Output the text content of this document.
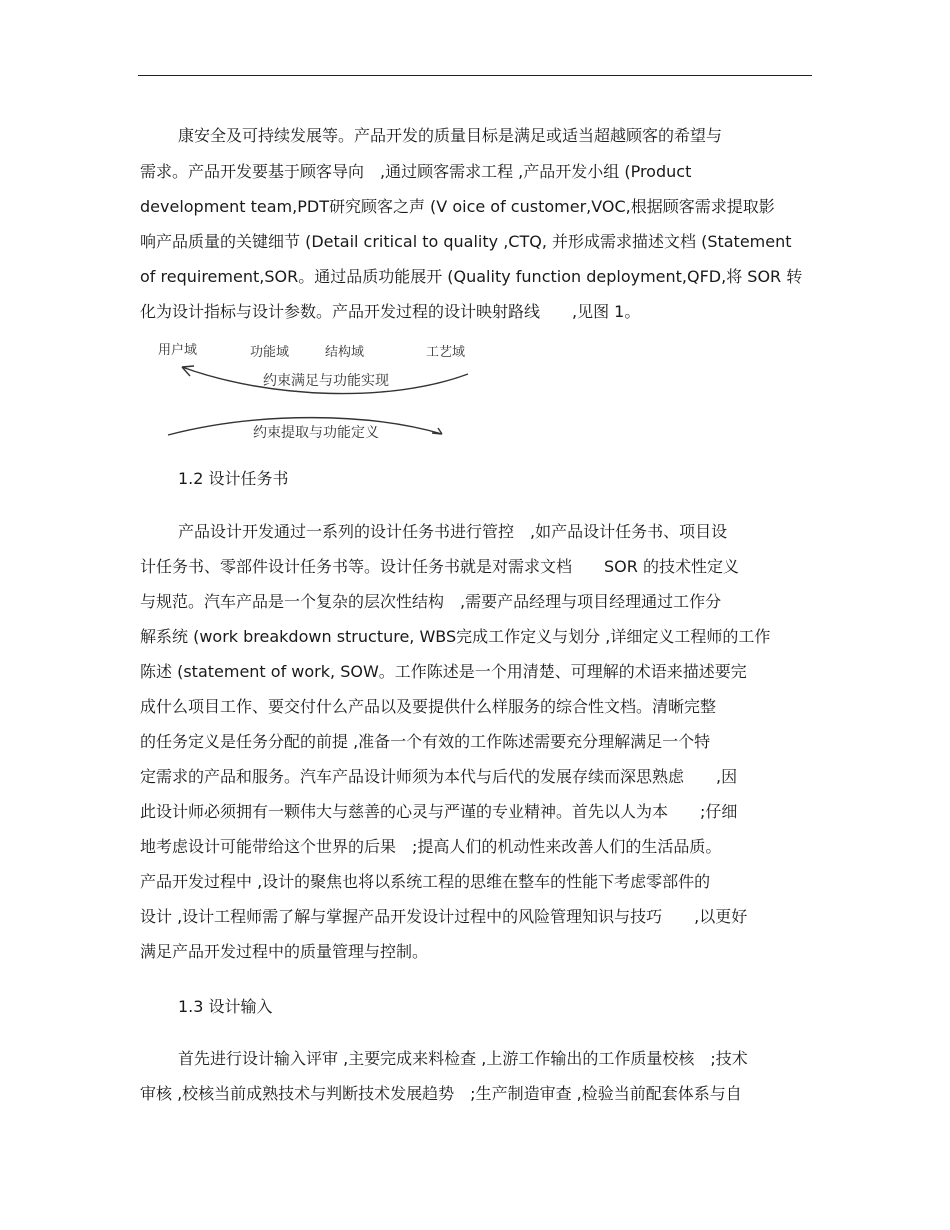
康安全及可持续发展等。产品开发的质量目标是满足或适当超越顾客的希望与
需求。产品开发要基于顾客导向　,通过顾客需求工程 ,产品开发小组 (Product
development team,PDT研究顾客之声 (V oice of customer,VOC,根据顾客需求提取影
响产品质量的关键细节 (Detail critical to quality ,CTQ, 并形成需求描述文档 (Statement
of requirement,SOR。通过品质功能展开 (Quality function deployment,QFD,将 SOR 转
化为设计指标与设计参数。产品开发过程的设计映射路线　　,见图 1。
用户域	功能域	结构域	工艺域
约束满足与功能实现
约束提取与功能定义
1.2 设计任务书
产品设计开发通过一系列的设计任务书进行管控　,如产品设计任务书、项目设
计任务书、零部件设计任务书等。设计任务书就是对需求文档　　SOR 的技术性定义
与规范。汽车产品是一个复杂的层次性结构　,需要产品经理与项目经理通过工作分
解系统 (work breakdown structure, WBS完成工作定义与划分 ,详细定义工程师的工作
陈述 (statement of work, SOW。工作陈述是一个用清楚、可理解的术语来描述要完
成什么项目工作、要交付什么产品以及要提供什么样服务的综合性文档。清晰完整
的任务定义是任务分配的前提 ,准备一个有效的工作陈述需要充分理解满足一个特
定需求的产品和服务。汽车产品设计师须为本代与后代的发展存续而深思熟虑　　,因
此设计师必须拥有一颗伟大与慈善的心灵与严谨的专业精神。首先以人为本　　;仔细
地考虑设计可能带给这个世界的后果　;提高人们的机动性来改善人们的生活品质。
产品开发过程中 ,设计的聚焦也将以系统工程的思维在整车的性能下考虑零部件的
设计 ,设计工程师需了解与掌握产品开发设计过程中的风险管理知识与技巧　　,以更好
满足产品开发过程中的质量管理与控制。
1.3 设计输入
首先进行设计输入评审 ,主要完成来料检查 ,上游工作输出的工作质量校核　;技术
审核 ,校核当前成熟技术与判断技术发展趋势　;生产制造审查 ,检验当前配套体系与自
